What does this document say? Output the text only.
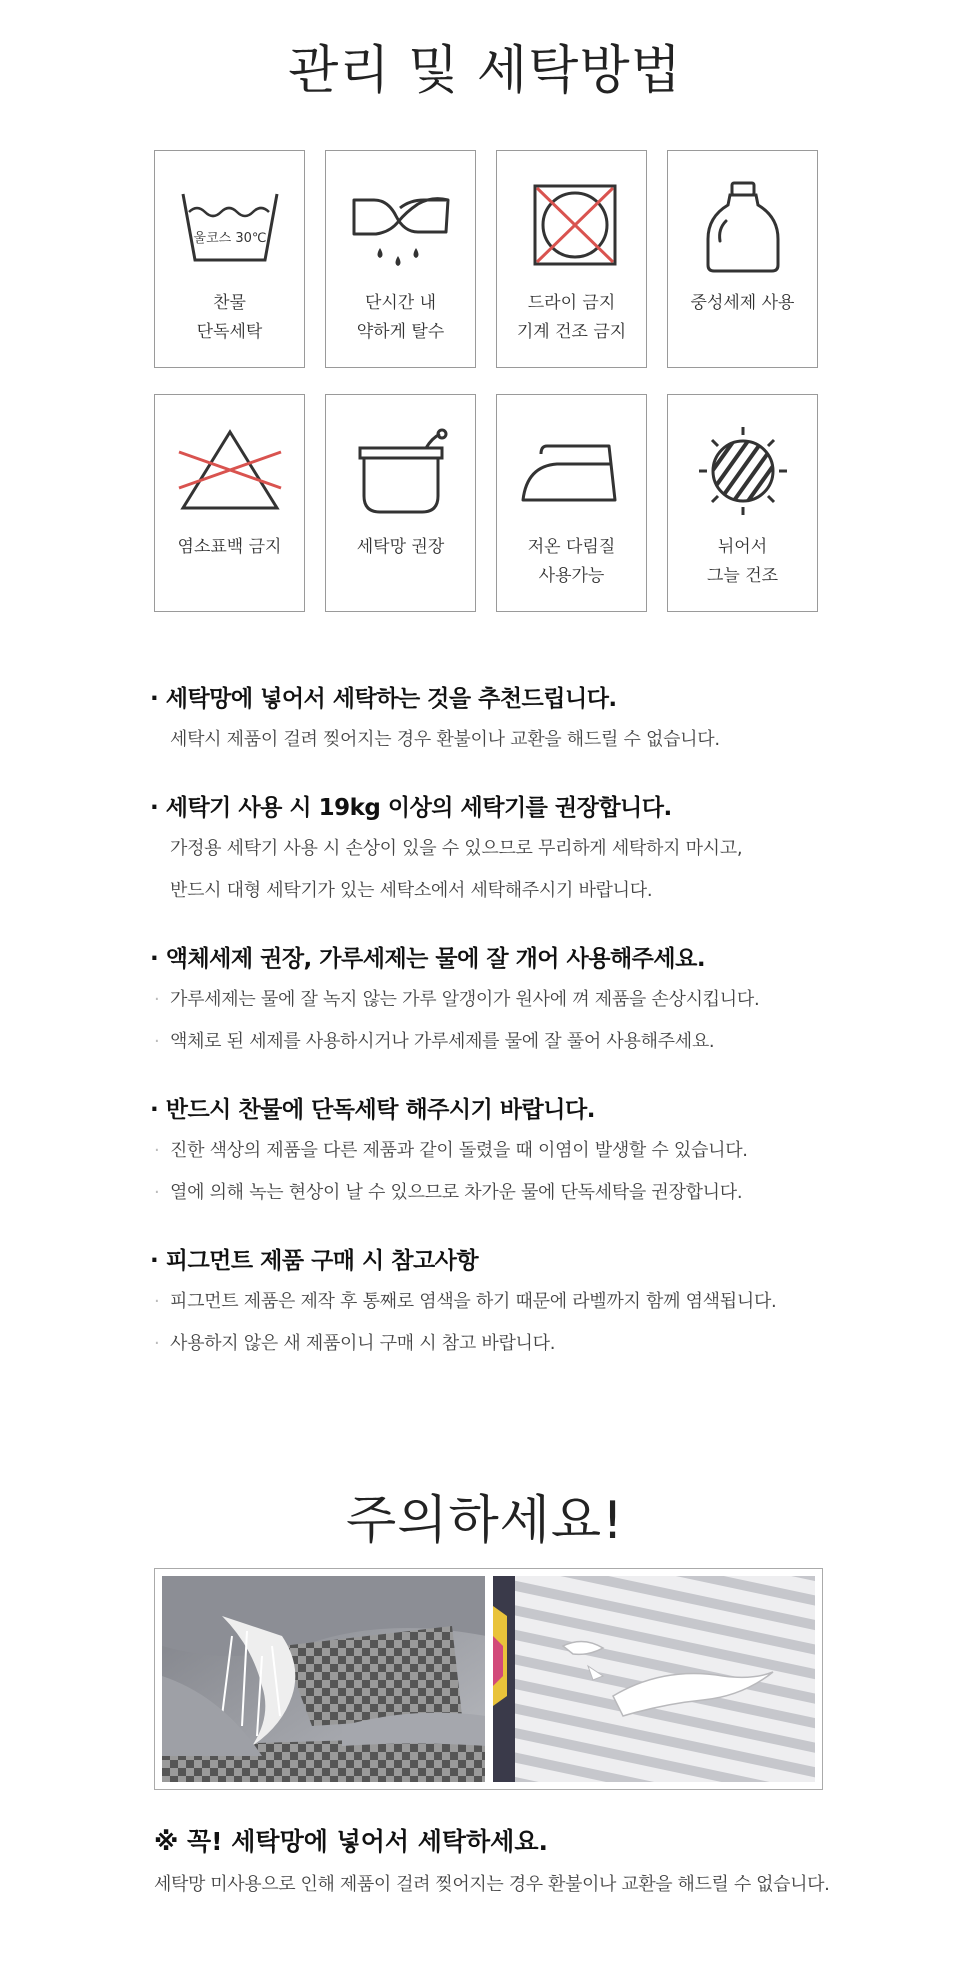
관리 및 세탁방법
울코스 30℃
찬물
단독세탁
단시간 내
약하게 탈수
드라이 금지
기계 건조 금지
중성세제 사용
염소표백 금지	세탁망 권장	저온 다림질
사용가능
뉘어서
그늘 건조
· 세탁망에 넣어서 세탁하는 것을 추천드립니다.

세탁시 제품이 걸려 찢어지는 경우 환불이나 교환을 해드릴 수 없습니다.

· 세탁기 사용 시 19kg 이상의 세탁기를 권장합니다.

가정용 세탁기 사용 시 손상이 있을 수 있으므로 무리하게 세탁하지 마시고,

반드시 대형 세탁기가 있는 세탁소에서 세탁해주시기 바랍니다.

· 액체세제 권장, 가루세제는 물에 잘 개어 사용해주세요.

· 가루세제는 물에 잘 녹지 않는 가루 알갱이가 원사에 껴 제품을 손상시킵니다.

· 액체로 된 세제를 사용하시거나 가루세제를 물에 잘 풀어 사용해주세요.

· 반드시 찬물에 단독세탁 해주시기 바랍니다.

· 진한 색상의 제품을 다른 제품과 같이 돌렸을 때 이염이 발생할 수 있습니다.

· 열에 의해 녹는 현상이 날 수 있으므로 차가운 물에 단독세탁을 권장합니다.

· 피그먼트 제품 구매 시 참고사항

· 피그먼트 제품은 제작 후 통째로 염색을 하기 때문에 라벨까지 함께 염색됩니다.

· 사용하지 않은 새 제품이니 구매 시 참고 바랍니다.

주의하세요!

※ 꼭! 세탁망에 넣어서 세탁하세요.

세탁망 미사용으로 인해 제품이 걸려 찢어지는 경우 환불이나 교환을 해드릴 수 없습니다.
